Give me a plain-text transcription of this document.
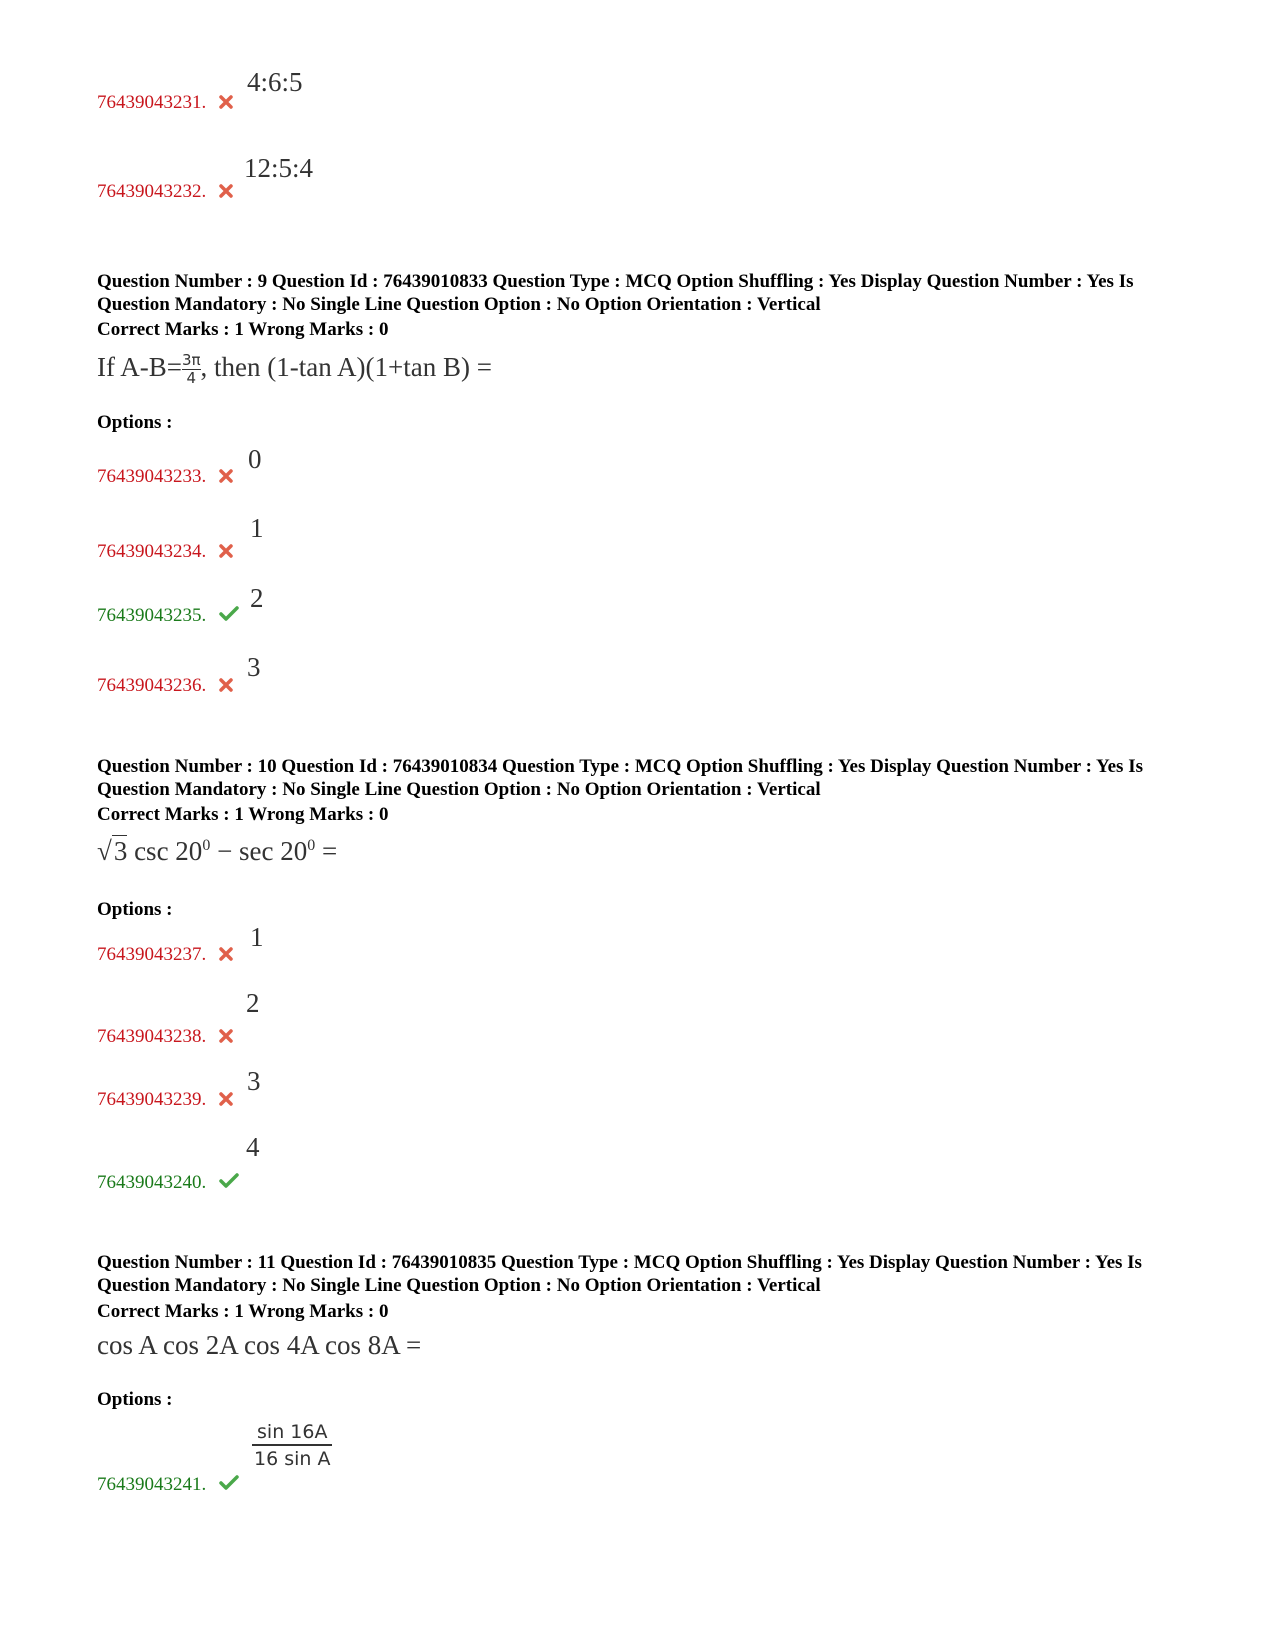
76439043231.
4:6:5
76439043232.
12:5:4
Question Number : 9 Question Id : 76439010833 Question Type : MCQ Option Shuffling : Yes Display Question Number : Yes Is Question Mandatory : No Single Line Question Option : No Option Orientation : Vertical
Correct Marks : 1 Wrong Marks : 0
If $A-B= \frac{3\pi}{4}$ , then (1-tan A)(1+tan B) =
Options :
76439043233.
0
76439043234.
1
76439043235.
2
76439043236.
3
Question Number : 10 Question Id : 76439010834 Question Type : MCQ Option Shuffling : Yes Display Question Number : Yes Is Question Mandatory : No Single Line Question Option : No Option Orientation : Vertical
Correct Marks : 1 Wrong Marks : 0
√3 $\csc 20^0 - \sec 20^0$ =
Options :
76439043237.
1
76439043238.
2
76439043239.
3
76439043240.
4
Question Number : 11 Question Id : 76439010835 Question Type : MCQ Option Shuffling : Yes Display Question Number : Yes Is Question Mandatory : No Single Line Question Option : No Option Orientation : Vertical
Correct Marks : 1 Wrong Marks : 0
cos A cos 2A cos 4A cos 8A =
Options :
76439043241.
$\frac{\sin 16A}{\text{16 sin A}}$
